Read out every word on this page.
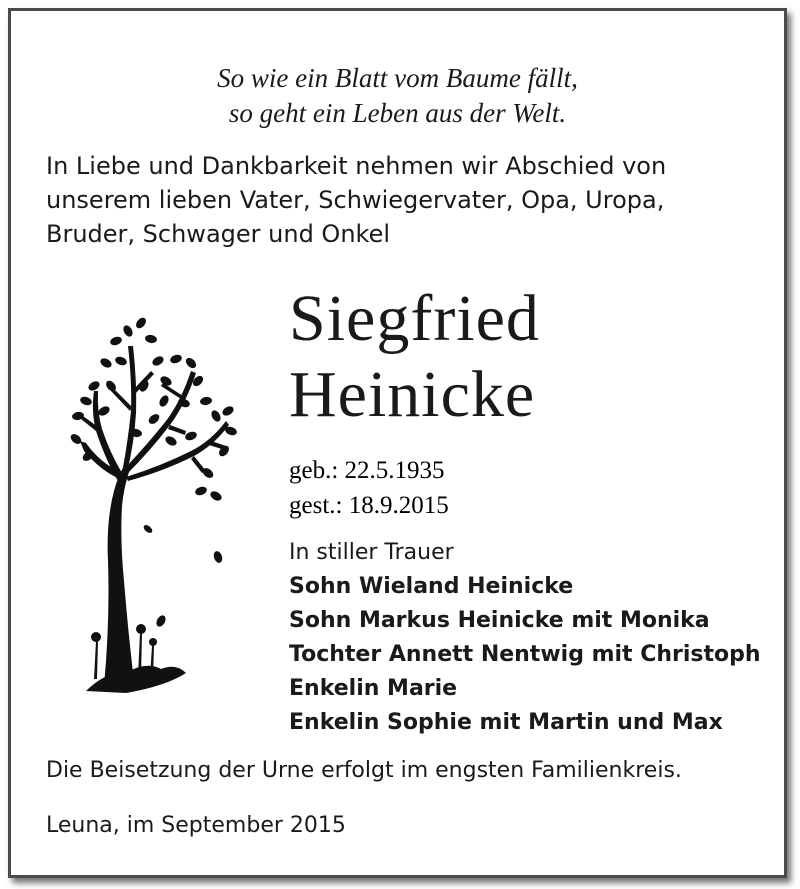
So wie ein Blatt vom Baume fällt,
so geht ein Leben aus der Welt.
In Liebe und Dankbarkeit nehmen wir Abschied von
unserem lieben Vater, Schwiegervater, Opa, Uropa,
Bruder, Schwager und Onkel
Siegfried
Heinicke
geb.: 22.5.1935
gest.: 18.9.2015
In stiller Trauer
Sohn Wieland Heinicke
Sohn Markus Heinicke mit Monika
Tochter Annett Nentwig mit Christoph
Enkelin Marie
Enkelin Sophie mit Martin und Max
Die Beisetzung der Urne erfolgt im engsten Familienkreis.
Leuna, im September 2015
